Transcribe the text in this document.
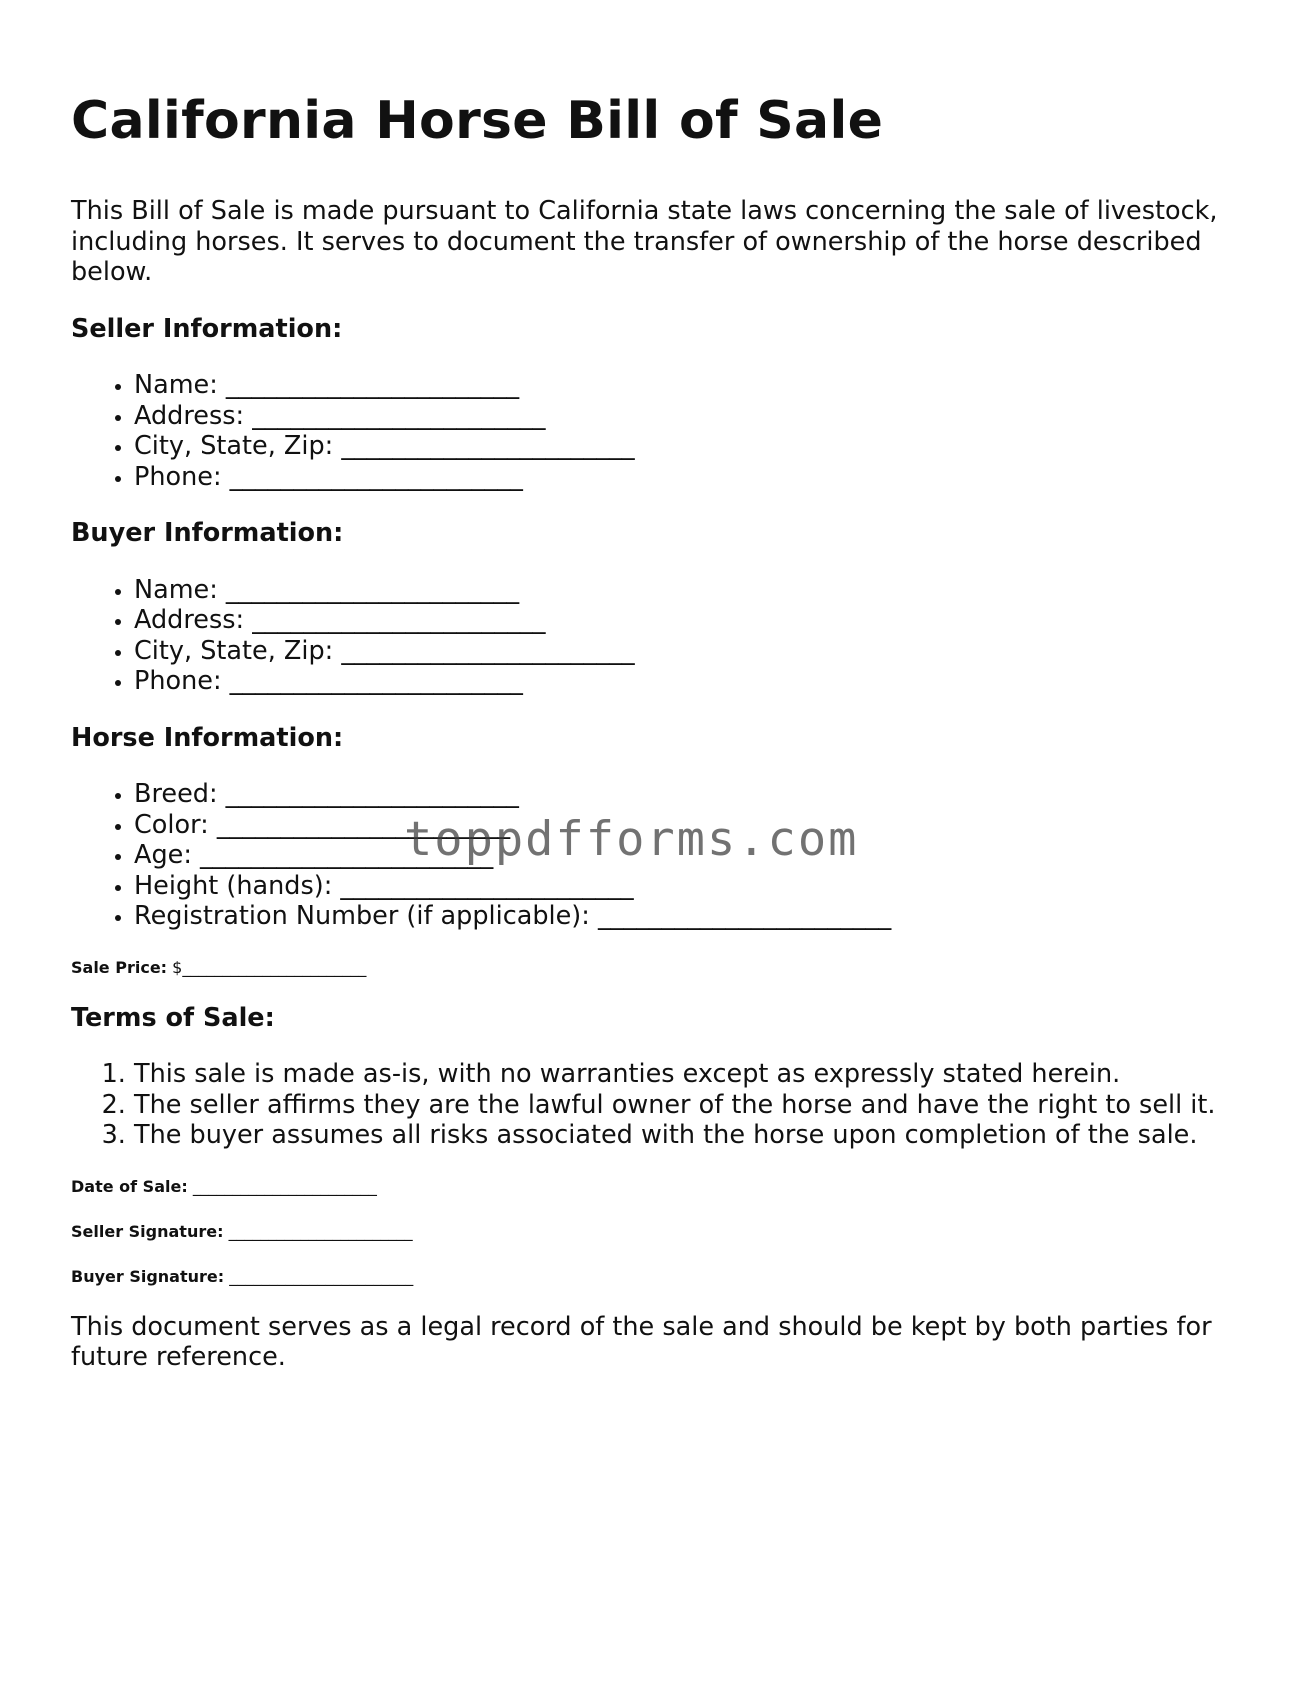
California Horse Bill of Sale

This Bill of Sale is made pursuant to California state laws concerning the sale of livestock, including horses. It serves to document the transfer of ownership of the horse described below.

Seller Information:
• Name: _______________________
• Address: _______________________
• City, State, Zip: _______________________
• Phone: _______________________
Buyer Information:
• Name: _______________________
• Address: _______________________
• City, State, Zip: _______________________
• Phone: _______________________
Horse Information:
• Breed: _______________________
• Color: _______________________
• Age: _______________________
• Height (hands): _______________________
• Registration Number (if applicable): _______________________
Sale Price: $_______________________
Terms of Sale:
1. This sale is made as-is, with no warranties except as expressly stated herein.
2. The seller affirms they are the lawful owner of the horse and have the right to sell it.
3. The buyer assumes all risks associated with the horse upon completion of the sale.
Date of Sale: _______________________
Seller Signature: _______________________
Buyer Signature: _______________________

This document serves as a legal record of the sale and should be kept by both parties for future reference.

toppdfforms.com
